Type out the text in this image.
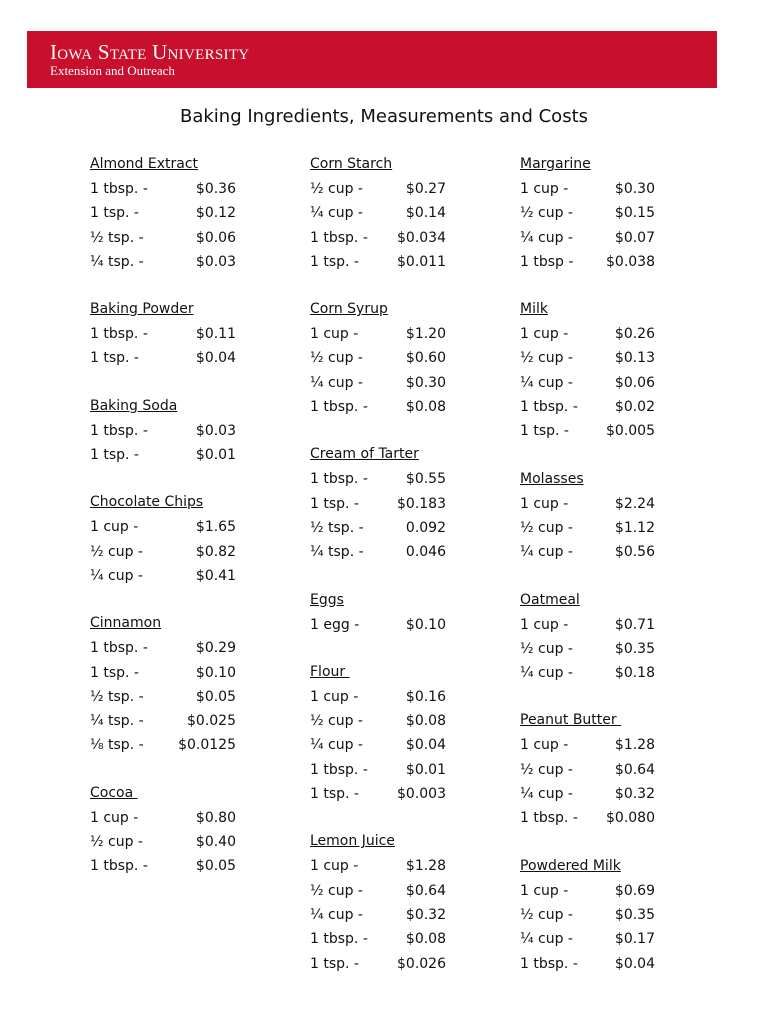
Iowa State University
Extension and Outreach
Baking Ingredients, Measurements and Costs
Almond Extract
1 tbsp. -	$0.36
1 tsp. -	$0.12
½ tsp. -	$0.06
¼ tsp. -	$0.03
Baking Powder
1 tbsp. -	$0.11
1 tsp. -	$0.04
Baking Soda
1 tbsp. -	$0.03
1 tsp. -	$0.01
Chocolate Chips
1 cup -	$1.65
½ cup -	$0.82
¼ cup -	$0.41
Cinnamon
1 tbsp. -	$0.29
1 tsp. -	$0.10
½ tsp. -	$0.05
¼ tsp. -	$0.025
⅛ tsp. - $0.0125
Cocoa
1 cup -	$0.80
½ cup -	$0.40
1 tbsp. -	$0.05
Corn Starch
½ cup -	$0.27
¼ cup -	$0.14
1 tbsp. - $0.034
1 tsp. -	$0.011
Corn Syrup
1 cup -	$1.20
½ cup -	$0.60
¼ cup -	$0.30
1 tbsp. -	$0.08
Cream of Tarter
1 tbsp. -	$0.55
1 tsp. -	$0.183
½ tsp. -	0.092
¼ tsp. -	0.046
Eggs
1 egg -	$0.10
Flour
1 cup -	$0.16
½ cup -	$0.08
¼ cup -	$0.04
1 tbsp. -	$0.01
1 tsp. -	$0.003
Lemon Juice
1 cup -	$1.28
½ cup -	$0.64
¼ cup -	$0.32
1 tbsp. -	$0.08
1 tsp. -	$0.026
Margarine
1 cup -	$0.30
½ cup -	$0.15
¼ cup -	$0.07
1 tbsp - $0.038
Milk
1 cup -	$0.26
½ cup -	$0.13
¼ cup -	$0.06
1 tbsp. -	$0.02
1 tsp. -	$0.005
Molasses
1 cup -	$2.24
½ cup -	$1.12
¼ cup -	$0.56
Oatmeal
1 cup -	$0.71
½ cup -	$0.35
¼ cup -	$0.18
Peanut Butter
1 cup -	$1.28
½ cup -	$0.64
¼ cup -	$0.32
1 tbsp. - $0.080
Powdered Milk
1 cup -	$0.69
½ cup -	$0.35
¼ cup -	$0.17
1 tbsp. -	$0.04
